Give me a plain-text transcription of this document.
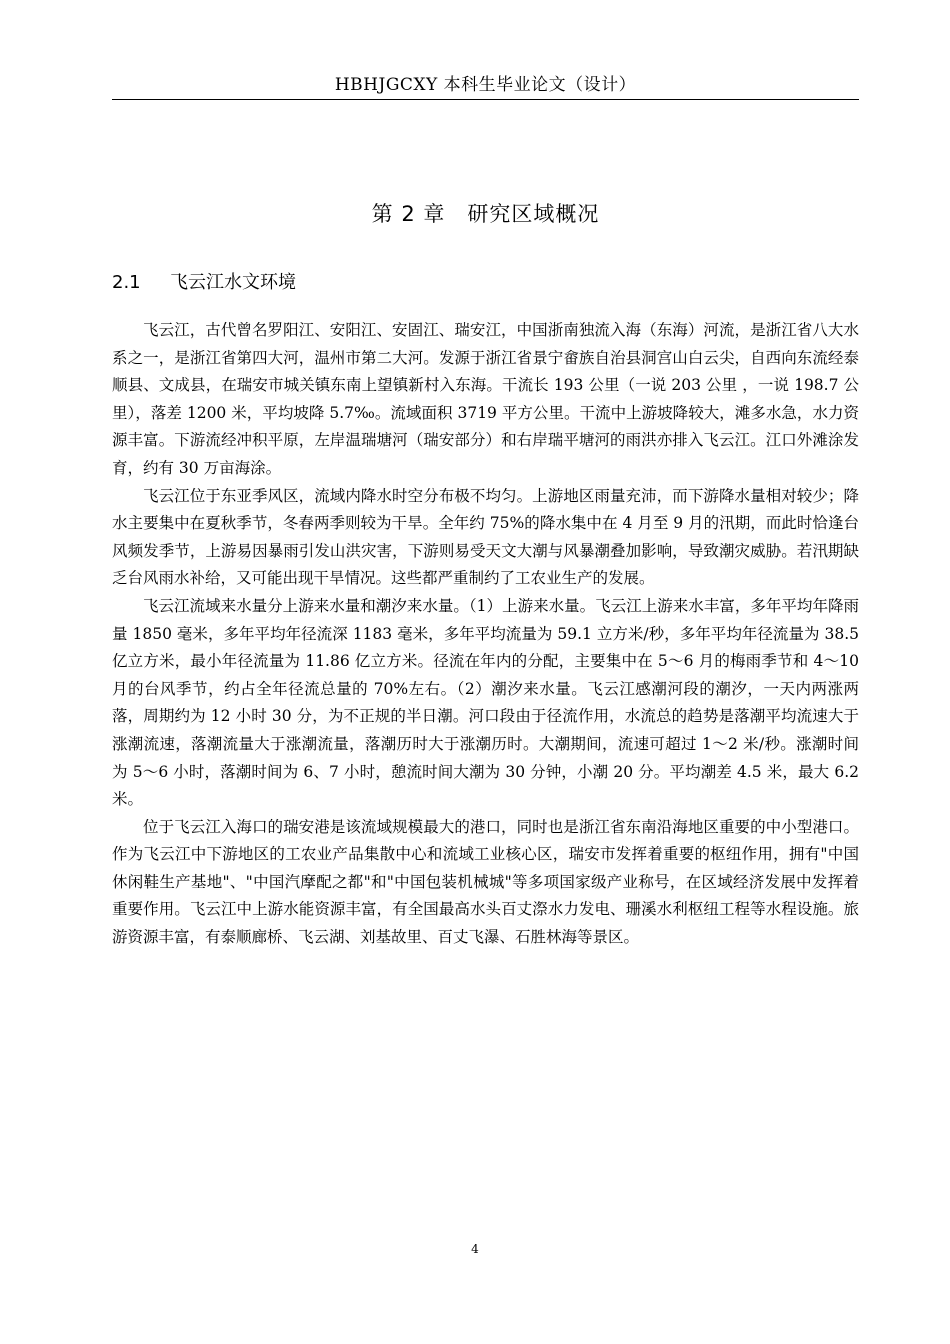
HBHJGCXY 本科生毕业论文（设计）
第 2 章 研究区域概况
2.1 飞云江水文环境

飞云江，古代曾名罗阳江、安阳江、安固江、瑞安江，中国浙南独流入海（东海）河流，是浙江省八大水系之一，是浙江省第四大河，温州市第二大河。发源于浙江省景宁畲族自治县洞宫山白云尖，自西向东流经泰顺县、文成县，在瑞安市城关镇东南上望镇新村入东海。干流长 193 公里（一说 203 公里 ，一说 198.7 公里），落差 1200 米，平均坡降 5.7‰。流域面积 3719 平方公里。干流中上游坡降较大，滩多水急，水力资源丰富。下游流经冲积平原，左岸温瑞塘河（瑞安部分）和右岸瑞平塘河的雨洪亦排入飞云江。江口外滩涂发育，约有 30 万亩海涂。

飞云江位于东亚季风区，流域内降水时空分布极不均匀。上游地区雨量充沛，而下游降水量相对较少；降水主要集中在夏秋季节，冬春两季则较为干旱。全年约 75%的降水集中在 4 月至 9 月的汛期，而此时恰逢台风频发季节，上游易因暴雨引发山洪灾害，下游则易受天文大潮与风暴潮叠加影响，导致潮灾威胁。若汛期缺乏台风雨水补给，又可能出现干旱情况。这些都严重制约了工农业生产的发展。

飞云江流域来水量分上游来水量和潮汐来水量。（1）上游来水量。飞云江上游来水丰富，多年平均年降雨量 1850 毫米，多年平均年径流深 1183 毫米，多年平均流量为 59.1 立方米/秒，多年平均年径流量为 38.5 亿立方米，最小年径流量为 11.86 亿立方米。径流在年内的分配，主要集中在 5～6 月的梅雨季节和 4～10 月的台风季节，约占全年径流总量的 70%左右。（2）潮汐来水量。飞云江感潮河段的潮汐，一天内两涨两落，周期约为 12 小时 30 分，为不正规的半日潮。河口段由于径流作用，水流总的趋势是落潮平均流速大于涨潮流速，落潮流量大于涨潮流量，落潮历时大于涨潮历时。大潮期间，流速可超过 1～2 米/秒。涨潮时间为 5～6 小时，落潮时间为 6、7 小时，憩流时间大潮为 30 分钟，小潮 20 分。平均潮差 4.5 米，最大 6.2 米。

位于飞云江入海口的瑞安港是该流域规模最大的港口，同时也是浙江省东南沿海地区重要的中小型港口。作为飞云江中下游地区的工农业产品集散中心和流域工业核心区，瑞安市发挥着重要的枢纽作用，拥有"中国休闲鞋生产基地"、"中国汽摩配之都"和"中国包装机械城"等多项国家级产业称号，在区域经济发展中发挥着重要作用。飞云江中上游水能资源丰富，有全国最高水头百丈漈水力发电、珊溪水利枢纽工程等水程设施。旅游资源丰富，有泰顺廊桥、飞云湖、刘基故里、百丈飞瀑、石胜林海等景区。

4
